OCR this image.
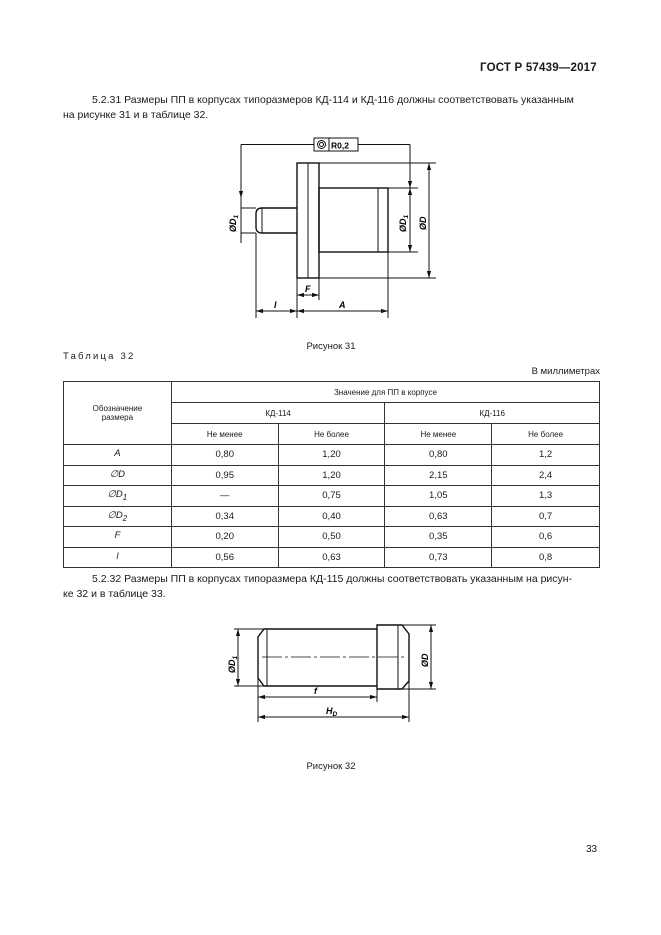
ГОСТ Р 57439—2017
5.2.31 Размеры ПП в корпусах типоразмеров КД-114 и КД-116 должны соответствовать указанным
на рисунке 31 и в таблице 32.
R0,2
$ØD_1$
$ØD_1$ ØD
l
F
A
Рисунок 31
Таблица 32
В миллиметрах
Обозначение
размера	Значение для ПП в корпусе			
	КД-114		КД-116	
	Не менее	Не более	Не менее	Не более
A	0,80	1,20	0,80	1,2
∅D	0,95	1,20	2,15	2,4
$\emptyset D_1$	—	0,75	1,05	1,3
$\emptyset D_2$	0,34	0,40	0,63	0,7
F	0,20	0,50	0,35	0,6
l	0,56	0,63	0,73	0,8
5.2.32 Размеры ПП в корпусах типоразмера КД-115 должны соответствовать указанным на рисун-
ке 32 и в таблице 33.
$ØD_1$	ØD
f
$H_D$
Рисунок 32
33
